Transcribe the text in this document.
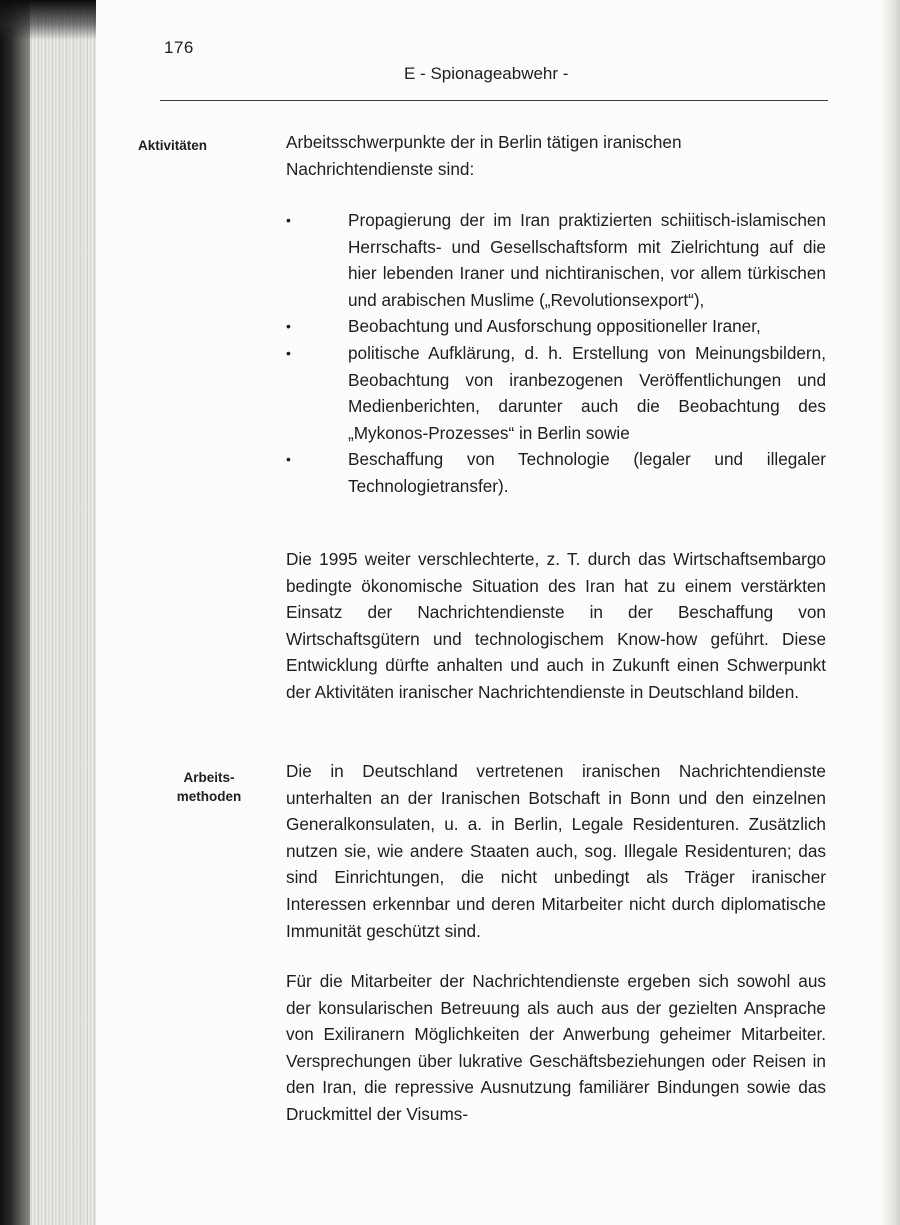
176
E - Spionageabwehr -
Aktivitäten
Arbeits-
methoden
Arbeitsschwerpunkte der in Berlin tätigen iranischen Nachrichtendienste sind:
•	Propagierung der im Iran praktizierten schiitisch-islamischen Herrschafts- und Gesellschaftsform mit Zielrichtung auf die hier lebenden Iraner und nichtiranischen, vor allem türkischen und arabischen Muslime („Revolutionsexport“),
•	Beobachtung und Ausforschung oppositioneller Iraner,
•	politische Aufklärung, d. h. Erstellung von Meinungsbildern, Beobachtung von iranbezogenen Veröffentlichungen und Medienberichten, darunter auch die Beobachtung des „Mykonos-Prozesses“ in Berlin sowie
•	Beschaffung von Technologie (legaler und illegaler Technologietransfer).
Die 1995 weiter verschlechterte, z. T. durch das Wirtschaftsembargo bedingte ökonomische Situation des Iran hat zu einem verstärkten Einsatz der Nachrichtendienste in der Beschaffung von Wirtschaftsgütern und technologischem Know-how geführt. Diese Entwicklung dürfte anhalten und auch in Zukunft einen Schwerpunkt der Aktivitäten iranischer Nachrichtendienste in Deutschland bilden.
Die in Deutschland vertretenen iranischen Nachrichtendienste unterhalten an der Iranischen Botschaft in Bonn und den einzelnen Generalkonsulaten, u. a. in Berlin, Legale Residenturen. Zusätzlich nutzen sie, wie andere Staaten auch, sog. Illegale Residenturen; das sind Einrichtungen, die nicht unbedingt als Träger iranischer Interessen erkennbar und deren Mitarbeiter nicht durch diplomatische Immunität geschützt sind.
Für die Mitarbeiter der Nachrichtendienste ergeben sich sowohl aus der konsularischen Betreuung als auch aus der gezielten Ansprache von Exiliranern Möglichkeiten der Anwerbung geheimer Mitarbeiter. Versprechungen über lukrative Geschäftsbeziehungen oder Reisen in den Iran, die repressive Ausnutzung familiärer Bindungen sowie das Druckmittel der Visums-
